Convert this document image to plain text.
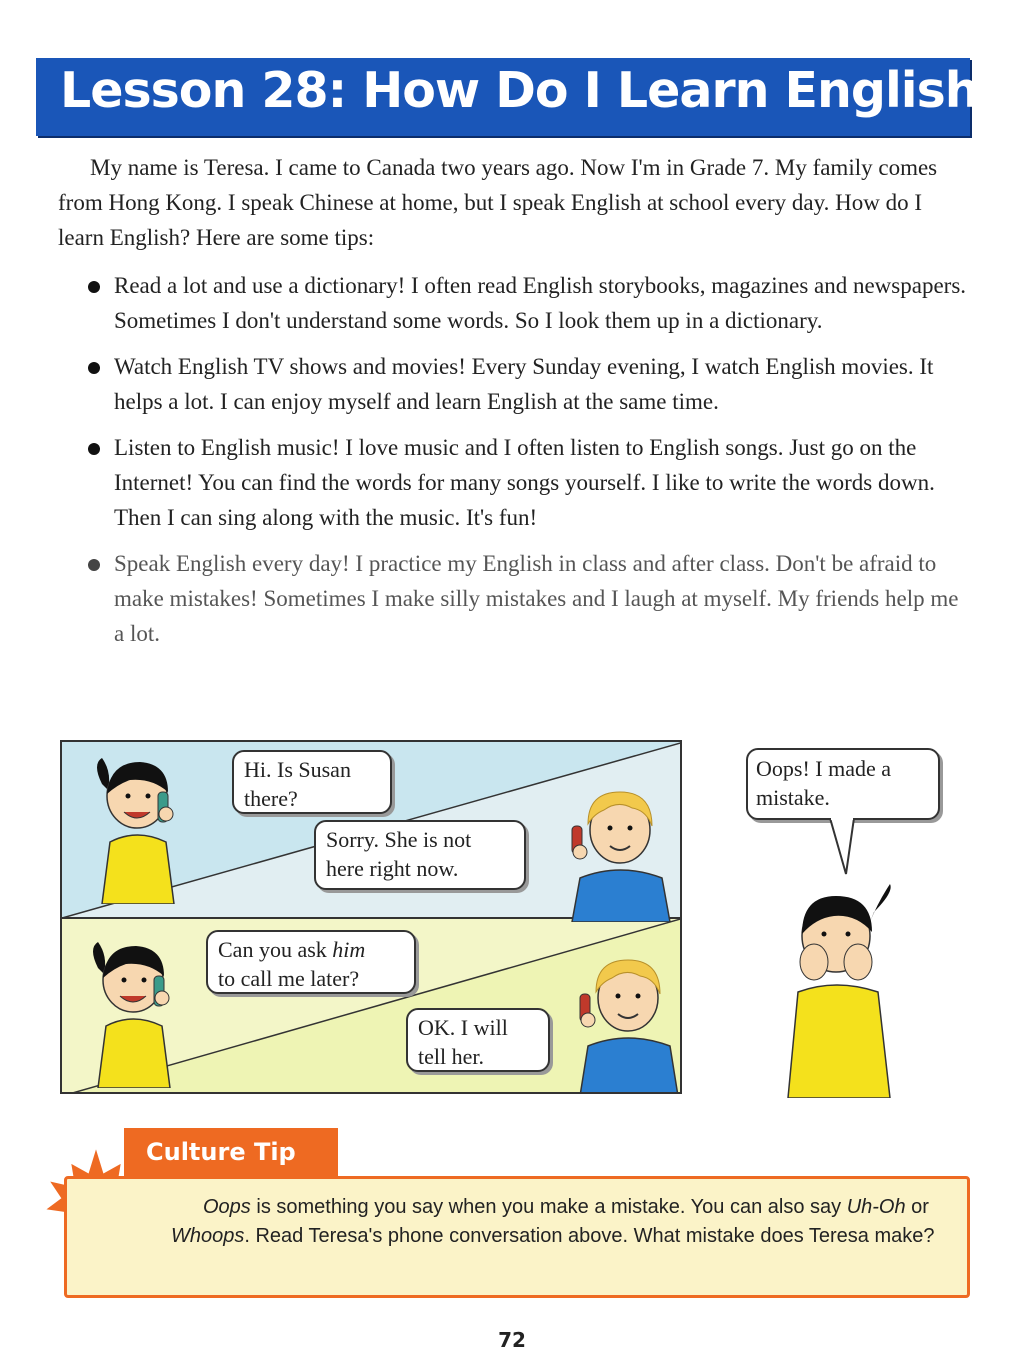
Lesson 28: How Do I Learn English?
My name is Teresa. I came to Canada two years ago. Now I'm in Grade 7. My family comes from Hong Kong. I speak Chinese at home, but I speak English at school every day. How do I learn English? Here are some tips:
Read a lot and use a dictionary! I often read English storybooks, magazines and newspapers. Sometimes I don't understand some words. So I look them up in a dictionary.
Watch English TV shows and movies! Every Sunday evening, I watch English movies. It helps a lot. I can enjoy myself and learn English at the same time.
Listen to English music! I love music and I often listen to English songs. Just go on the Internet! You can find the words for many songs yourself. I like to write the words down. Then I can sing along with the music. It's fun!
Speak English every day! I practice my English in class and after class. Don't be afraid to make mistakes! Sometimes I make silly mistakes and I laugh at myself. My friends help me a lot.
Hi. Is Susan
there?
Sorry. She is not
here right now.
Can you ask him
to call me later?
OK. I will
tell her.
Oops! I made a mistake.
Culture Tip
Oops is something you say when you make a mistake. You can also say Uh-Oh or Whoops. Read Teresa's phone conversation above. What mistake does Teresa make?
72
